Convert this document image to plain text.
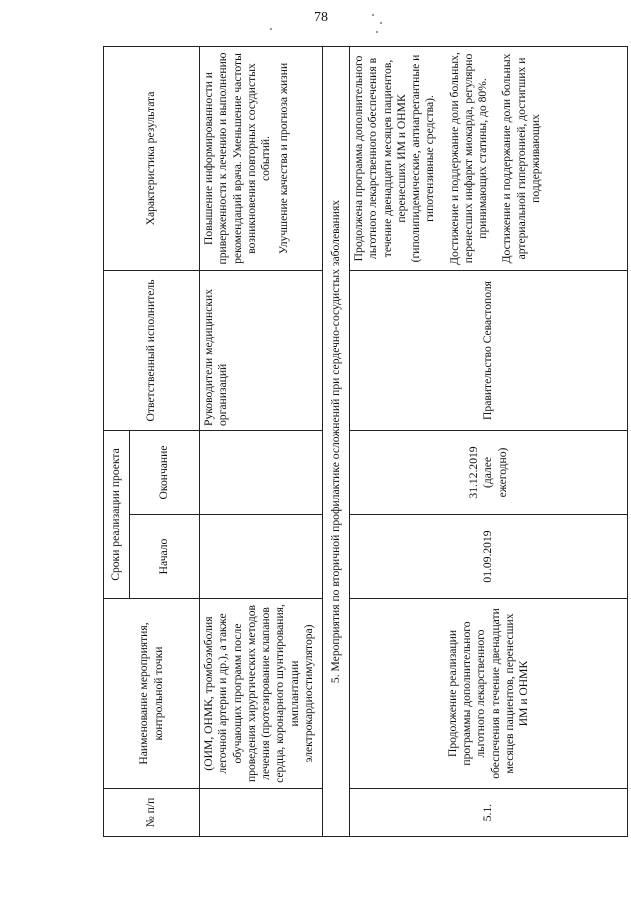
78
№ п/п	Наименование мероприятия, контрольной точки	Сроки реализации проекта		Ответственный исполнитель	Характеристика результата

		Начало	Окончание		

	(ОИМ, ОНМК, тромбоэмболия легочной артерии и др.), а также обучающих программ после проведения хирургических методов лечения (протезирование клапанов сердца, коронарного шунтирования, имплантации электрокардиостимулятора)			Руководители медицинских организаций	Повышение информированности и приверженности к лечению и выполнению рекомендаций врача. Уменьшение частоты возникновения повторных сосудистых событий. Улучшение качества и прогноза жизни

5. Мероприятия по вторичной профилактике осложнений при сердечно-сосудистых заболеваниях					

5.1.	Продолжение реализации программы дополнительного льготного лекарственного обеспечения в течение двенадцати месяцев пациентов, перенесших ИМ и ОНМК	01.09.2019	31.12.2019 (далее ежегодно)	Правительство Севастополя	Продолжена программа дополнительного льготного лекарственного обеспечения в течение двенадцати месяцев пациентов, перенесших ИМ и ОНМК (гиполипидемические, антиагрегантные и гипотензивные средства). Достижение и поддержание доли больных, перенесших инфаркт миокарда, регулярно принимающих статины, до 80%. Достижение и поддержание доли больных артериальной гипертонией, достигших и поддерживающих
